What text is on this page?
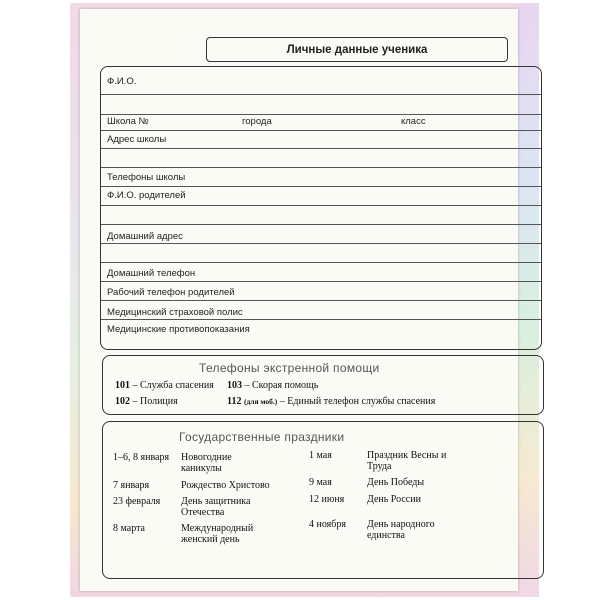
Личные данные ученика
Ф.И.О.
Школа №	города	класс
Адрес школы
Телефоны школы
Ф.И.О. родителей
Домашний адрес
Домашний телефон
Рабочий телефон родителей
Медицинский страховой полис
Медицинские противопоказания
Телефоны экстренной помощи
101 – Служба спасения 103 – Скорая помощь
102 – Полиция	112 (для моб.) – Единый телефон службы спасения
Государственные праздники
1–6, 8 января Новогодние каникулы
7 января	Рождество Христово
23 февраля День защитника Отечества
8 марта	Международный женский день
1 мая	Праздник Весны и Труда
9 мая	День Победы
12 июня День России
4 ноября День народного единства
